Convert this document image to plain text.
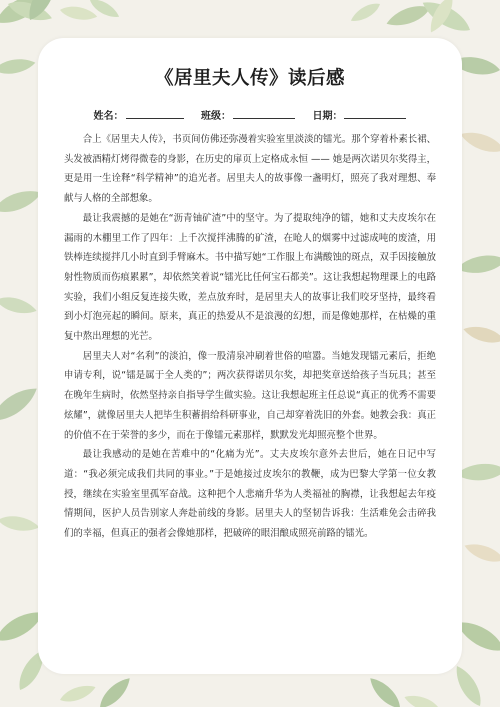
《居里夫人传》读后感
姓名：	班级：	日期：

合上《居里夫人传》，书页间仿佛还弥漫着实验室里淡淡的镭光。那个穿着朴素长裙、头发被酒精灯烤得微卷的身影，在历史的扉页上定格成永恒 —— 她是两次诺贝尔奖得主，更是用一生诠释“科学精神”的追光者。居里夫人的故事像一盏明灯，照亮了我对理想、奉献与人格的全部想象。

最让我震撼的是她在“沥青铀矿渣”中的坚守。为了提取纯净的镭，她和丈夫皮埃尔在漏雨的木棚里工作了四年：上千次搅拌沸腾的矿渣，在呛人的烟雾中过滤成吨的废渣，用铁棒连续搅拌几小时直到手臂麻木。书中描写她“工作服上布满酸蚀的斑点，双手因接触放射性物质而伤痕累累”，却依然笑着说“镭光比任何宝石都美”。这让我想起物理课上的电路实验，我们小组反复连接失败，差点放弃时，是居里夫人的故事让我们咬牙坚持，最终看到小灯泡亮起的瞬间。原来，真正的热爱从不是浪漫的幻想，而是像她那样，在枯燥的重复中熬出理想的光芒。

居里夫人对“名利”的淡泊，像一股清泉冲刷着世俗的喧嚣。当她发现镭元素后，拒绝申请专利，说“镭是属于全人类的”；两次获得诺贝尔奖，却把奖章送给孩子当玩具；甚至在晚年生病时，依然坚持亲自指导学生做实验。这让我想起班主任总说“真正的优秀不需要炫耀”，就像居里夫人把毕生积蓄捐给科研事业，自己却穿着洗旧的外套。她教会我：真正的价值不在于荣誉的多少，而在于像镭元素那样，默默发光却照亮整个世界。

最让我感动的是她在苦难中的“化痛为光”。丈夫皮埃尔意外去世后，她在日记中写道：“我必须完成我们共同的事业。”于是她接过皮埃尔的教鞭，成为巴黎大学第一位女教授，继续在实验室里孤军奋战。这种把个人悲痛升华为人类福祉的胸襟，让我想起去年疫情期间，医护人员告别家人奔赴前线的身影。居里夫人的坚韧告诉我：生活难免会击碎我们的幸福，但真正的强者会像她那样，把破碎的眼泪酿成照亮前路的镭光。
